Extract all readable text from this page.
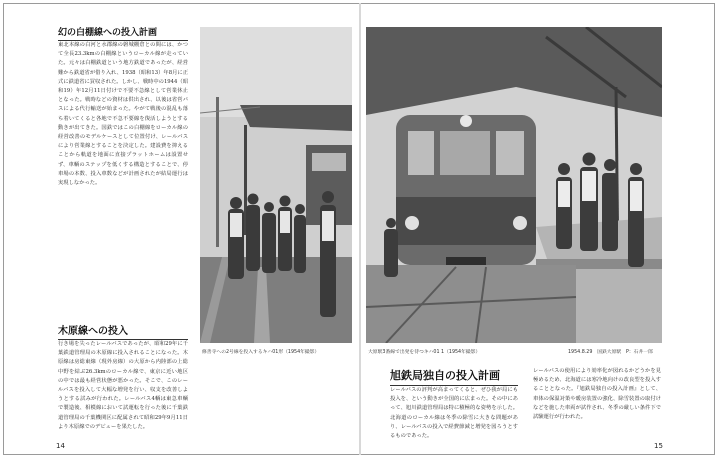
幻の白棚線への投入計画
東北本線の白河と水郡線の磐城棚倉との間には、かつて全長23.3kmの白棚線というローカル線が走っていた。元々は白棚鉄道という地方鉄道であったが、経営難から鉄道省が借り入れ、1938（昭和13）年8月に正式に鉄道省に買収された。しかし、戦時中の1944（昭和19）年12月11日付けで不要不急線として営業休止となった。戦時などの資材は供出され、以後は省営バスによる代行輸送が始まった。やがて戦後の混乱も落ち着いてくると各地で不急不要線を復活しようとする動きが出てきた。国鉄ではこの白棚線をローカル線の経営改善のモデルケースとして位置付け、レールバスにより営業線とすることを決定した。建設費を抑えることから軌道を地面に直接プラットホームは設置せず、車輌のステップを低くする構造とすることで、停車場の本数、投入車数などが計画されたが結局運行は実現しなかった。
木原線への投入
行き場を失ったレールバスであったが、昭和29年に千葉鉄道管理局の木原線に投入されることになった。木原線は房総東線（現外房線）の大原から内陸部の上総中野を結ぶ26.3kmのローカル線で、東京に近い地区の中では最も経営状態が悪かった。そこで、このレールバスを投入して大幅な増発を行い、収支を改善しようとする試みが行われた。レールバス4輌は東急車輌で製造後、相模線において試運転を行った後に千葉鉄道管理局の千葉機関区に配属されて昭和29年9月11日より木原線でのデビューを果たした。
修善寺への2号線を投入するキハ01形（1954年撮影）
14
大原駅3番線で出発を待つキハ01 1（1954年撮影）	1954.8.29　国鉄大原駅　P：石井一郎
旭鉄局独自の投入計画
レールバスの評判が高まってくると、ぜひ我が局にも投入を、という動きが全国的に広まった。その中にあって、旭川鉄道管理局は特に積極的な姿勢を示した。北海道のローカル線は冬季の除雪に大きな問題があり、レールバスの投入で経費節減と増発を図ろうとするものであった。
レールバスの使用により効率化が図れるかどうかを見極めるため、北海道には寒冷地向けの改良型を投入することとなった。『旭鉄局独自の投入計画』として、車体の保温対策や暖房装置の強化、除雪装置の取付けなどを施した車両が試作され、冬季の厳しい条件下で試験運行が行われた。
15
